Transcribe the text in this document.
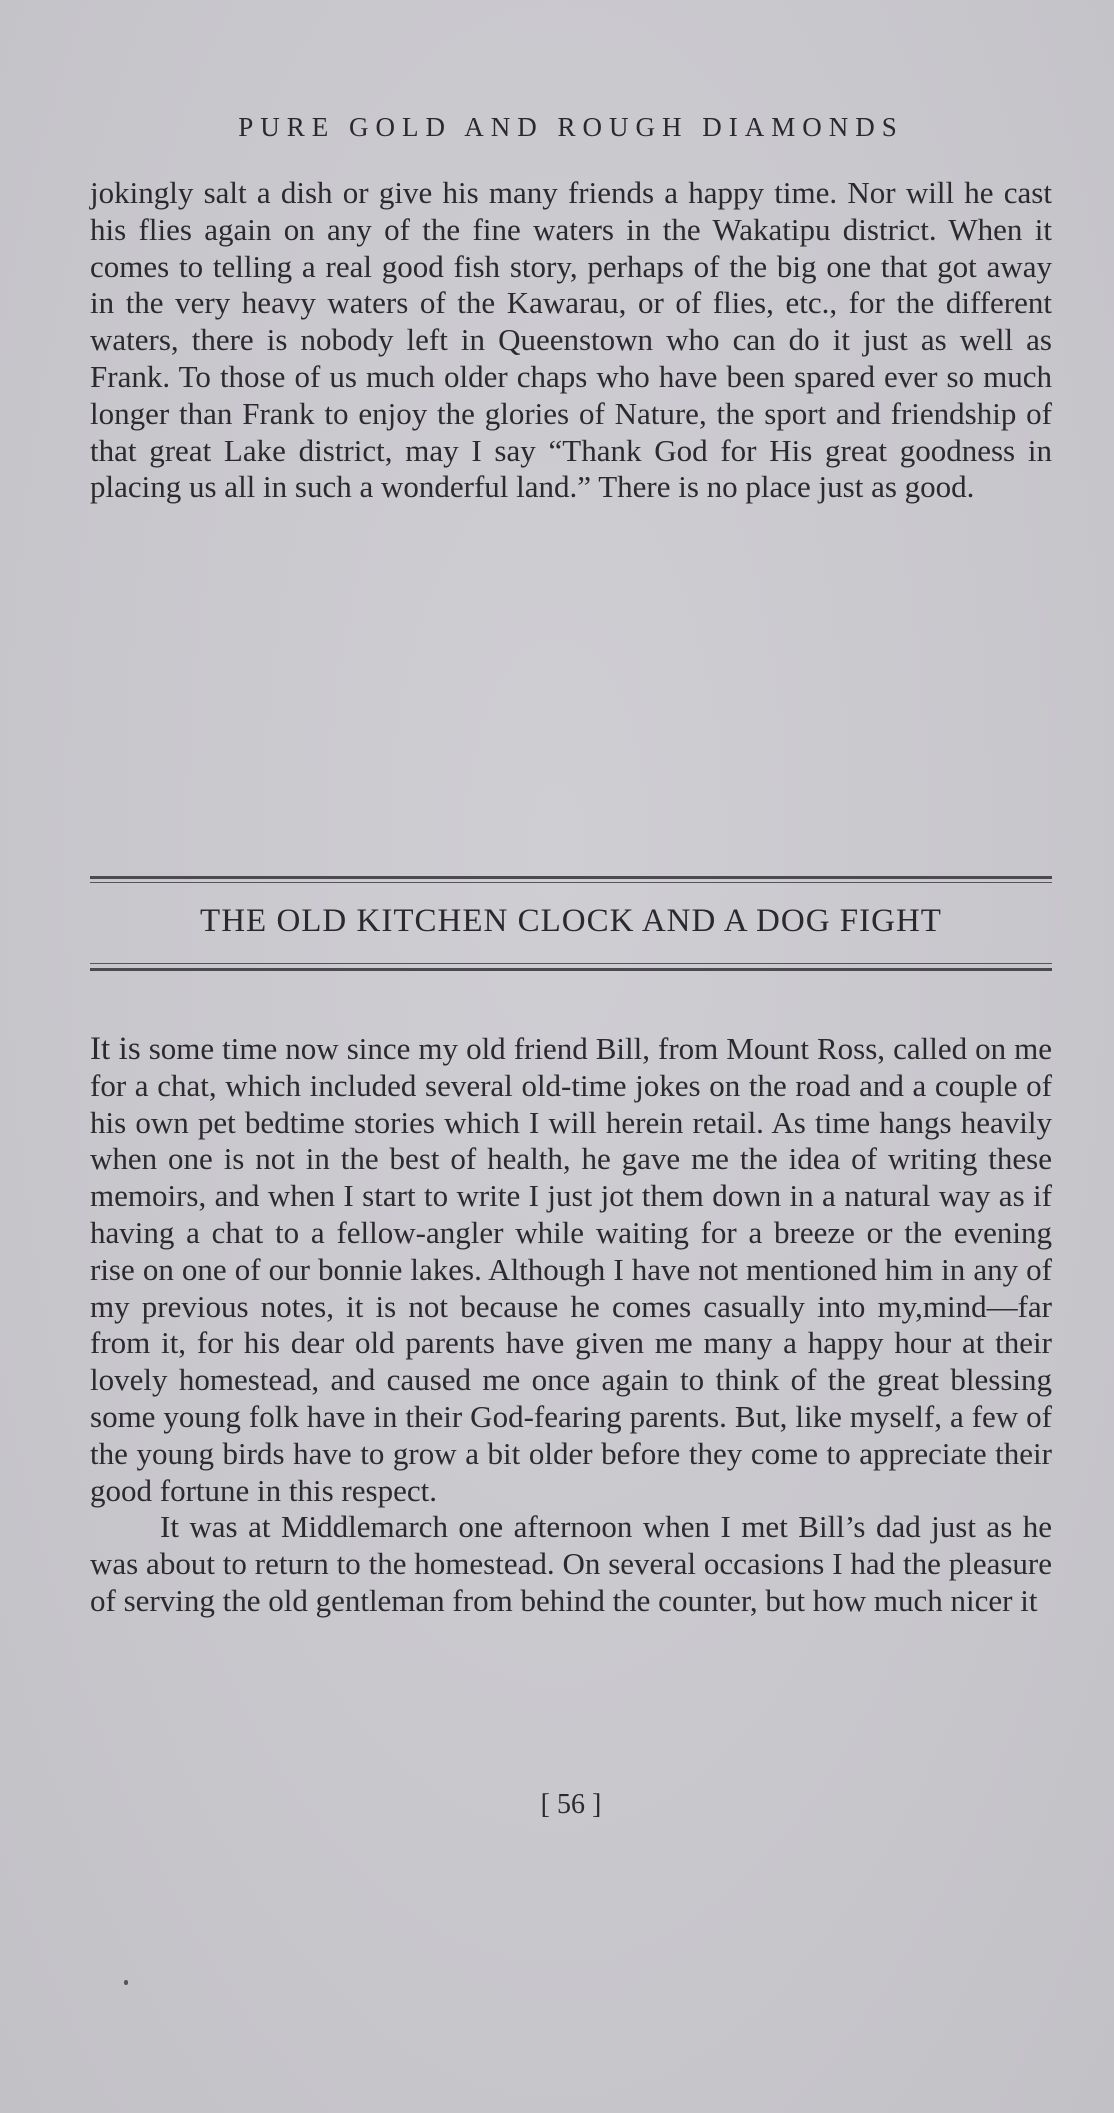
PURE GOLD AND ROUGH DIAMONDS

jokingly salt a dish or give his many friends a happy time. Nor will he cast his flies again on any of the fine waters in the Wakatipu district. When it comes to telling a real good fish story, perhaps of the big one that got away in the very heavy waters of the Kawarau, or of flies, etc., for the different waters, there is nobody left in Queenstown who can do it just as well as Frank. To those of us much older chaps who have been spared ever so much longer than Frank to enjoy the glories of Nature, the sport and friendship of that great Lake district, may I say “Thank God for His great goodness in placing us all in such a wonderful land.” There is no place just as good.

THE OLD KITCHEN CLOCK AND A DOG FIGHT

It is some time now since my old friend Bill, from Mount Ross, called on me for a chat, which included several old-time jokes on the road and a couple of his own pet bedtime stories which I will herein retail. As time hangs heavily when one is not in the best of health, he gave me the idea of writing these memoirs, and when I start to write I just jot them down in a natural way as if having a chat to a fellow-angler while waiting for a breeze or the evening rise on one of our bonnie lakes. Although I have not mentioned him in any of my previous notes, it is not because he comes casually into my,mind—far from it, for his dear old parents have given me many a happy hour at their lovely homestead, and caused me once again to think of the great blessing some young folk have in their God-fearing parents. But, like myself, a few of the young birds have to grow a bit older before they come to appreciate their good fortune in this respect.

It was at Middlemarch one afternoon when I met Bill’s dad just as he was about to return to the homestead. On several occasions I had the pleasure of serving the old gentleman from behind the counter, but how much nicer it

[ 56 ]
